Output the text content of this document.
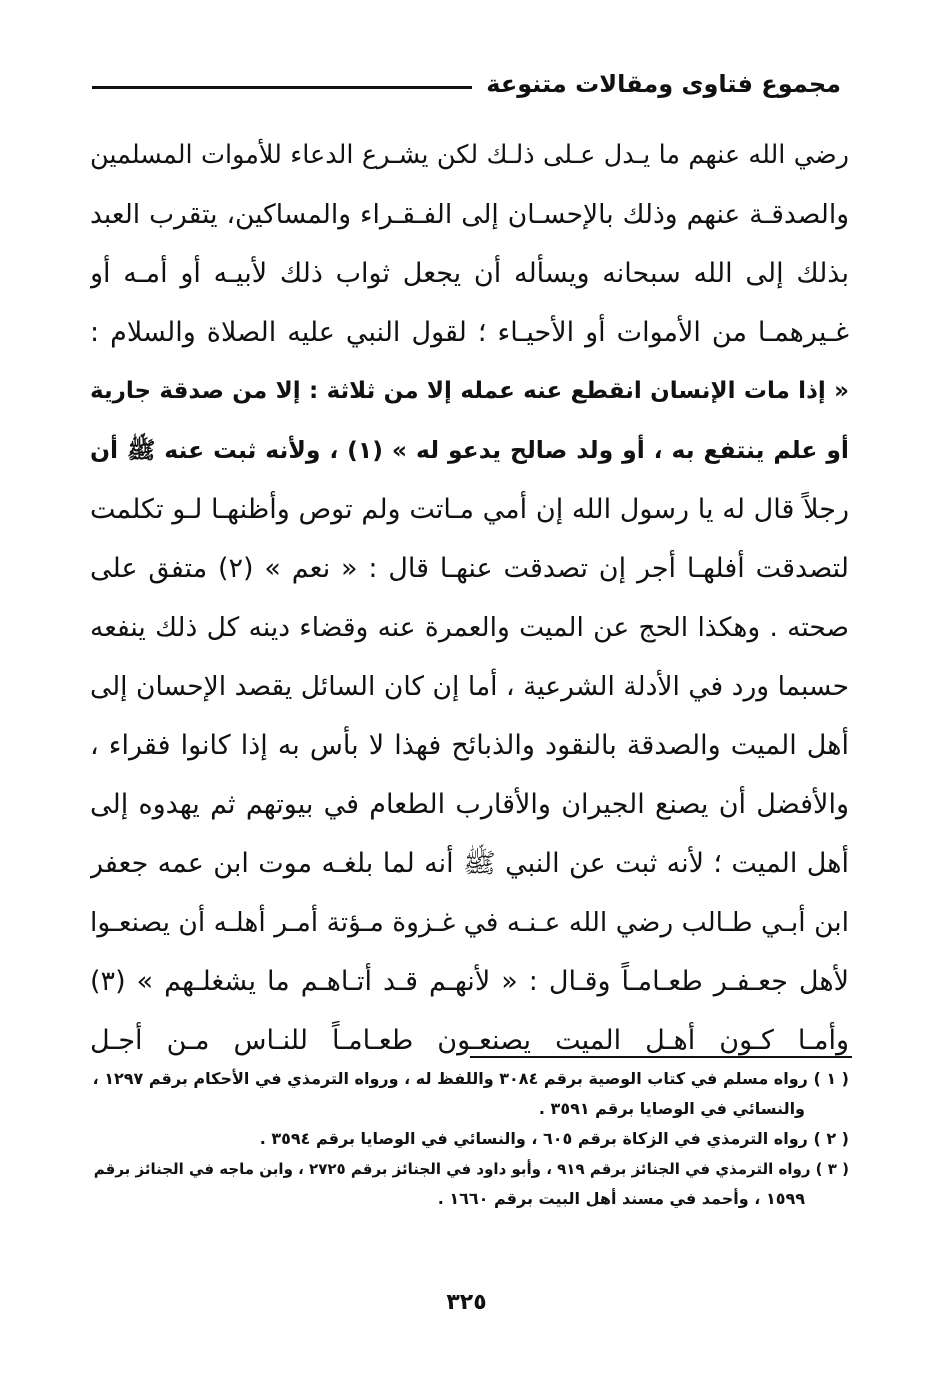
مجموع فتاوى ومقالات متنوعة
رضي الله عنهم ما يـدل عـلى ذلـك لكن يشـرع الدعاء للأموات المسلمين
والصدقـة عنهم وذلك بالإحسـان إلى الفـقـراء والمساكين، يتقرب العبد
بذلك إلى الله سبحانه ويسأله أن يجعل ثواب ذلك لأبيـه أو أمـه أو
غـيرهمـا من الأموات أو الأحيـاء ؛ لقول النبي عليه الصلاة والسلام :
« إذا مات الإنسان انقطع عنه عمله إلا من ثلاثة : إلا من صدقة جارية
أو علم ينتفع به ، أو ولد صالح يدعو له » (١) ، ولأنه ثبت عنه ﷺ أن
رجلاً قال له يا رسول الله إن أمي مـاتت ولم توص وأظنهـا لـو تكلمت
لتصدقت أفلهـا أجر إن تصدقت عنهـا قال : « نعم » (٢) متفق على
صحته . وهكذا الحج عن الميت والعمرة عنه وقضاء دينه كل ذلك ينفعه
حسبما ورد في الأدلة الشرعية ، أما إن كان السائل يقصد الإحسان إلى
أهل الميت والصدقة بالنقود والذبائح فهذا لا بأس به إذا كانوا فقراء ،
والأفضل أن يصنع الجيران والأقارب الطعام في بيوتهم ثم يهدوه إلى
أهل الميت ؛ لأنه ثبت عن النبي ﷺ أنه لما بلغـه موت ابن عمه جعفر
ابن أبـي طـالب رضي الله عـنـه في غـزوة مـؤتة أمـر أهلـه أن يصنعـوا
لأهل جعـفـر طعـامـاً وقـال : « لأنهـم قـد أتـاهـم ما يشغلـهم » (٣)
وأمـا كـون أهـل الميت يصنعـون طعـامـاً للنـاس مـن أجـل
( ١ ) رواه مسلم في كتاب الوصية برقم ٣٠٨٤ واللفظ له ، ورواه الترمذي في الأحكام برقم ١٢٩٧ ،
والنسائي في الوصايا برقم ٣٥٩١ .
( ٢ ) رواه الترمذي في الزكاة برقم ٦٠٥ ، والنسائي في الوصايا برقم ٣٥٩٤ .
( ٣ ) رواه الترمذي في الجنائز برقم ٩١٩ ، وأبو داود في الجنائز برقم ٢٧٢٥ ، وابن ماجه في الجنائز برقم
١٥٩٩ ، وأحمد في مسند أهل البيت برقم ١٦٦٠ .
٣٢٥
